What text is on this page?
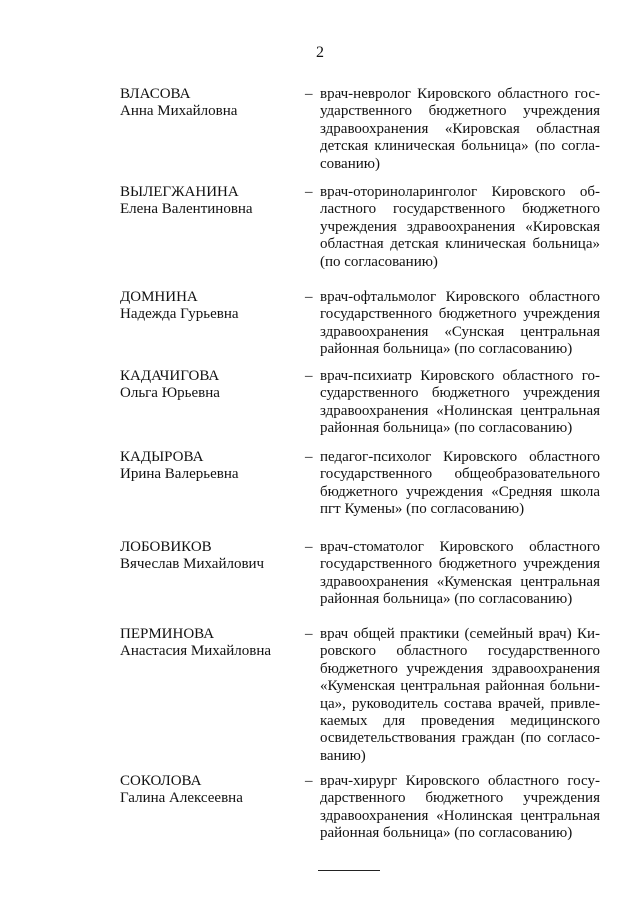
2
ВЛАСОВА
Анна Михайловна
– врач-невролог Кировского областного гос-
ударственного бюджетного учреждения
здравоохранения «Кировская областная
детская клиническая больница» (по согла-
сованию)
ВЫЛЕГЖАНИНА
Елена Валентиновна
– врач-оториноларинголог Кировского об-
ластного государственного бюджетного
учреждения здравоохранения «Кировская
областная детская клиническая больница»
(по согласованию)
ДОМНИНА
Надежда Гурьевна
– врач-офтальмолог Кировского областного
государственного бюджетного учреждения
здравоохранения «Сунская центральная
районная больница» (по согласованию)
КАДАЧИГОВА
Ольга Юрьевна
– врач-психиатр Кировского областного го-
сударственного бюджетного учреждения
здравоохранения «Нолинская центральная
районная больница» (по согласованию)
КАДЫРОВА
Ирина Валерьевна
– педагог-психолог Кировского областного
государственного общеобразовательного
бюджетного учреждения «Средняя школа
пгт Кумены» (по согласованию)
ЛОБОВИКОВ
Вячеслав Михайлович
– врач-стоматолог Кировского областного
государственного бюджетного учреждения
здравоохранения «Куменская центральная
районная больница» (по согласованию)
ПЕРМИНОВА
Анастасия Михайловна
– врач общей практики (семейный врач) Ки-
ровского областного государственного
бюджетного учреждения здравоохранения
«Куменская центральная районная больни-
ца», руководитель состава врачей, привле-
каемых для проведения медицинского
освидетельствования граждан (по согласо-
ванию)
СОКОЛОВА
Галина Алексеевна
– врач-хирург Кировского областного госу-
дарственного бюджетного учреждения
здравоохранения «Нолинская центральная
районная больница» (по согласованию)
